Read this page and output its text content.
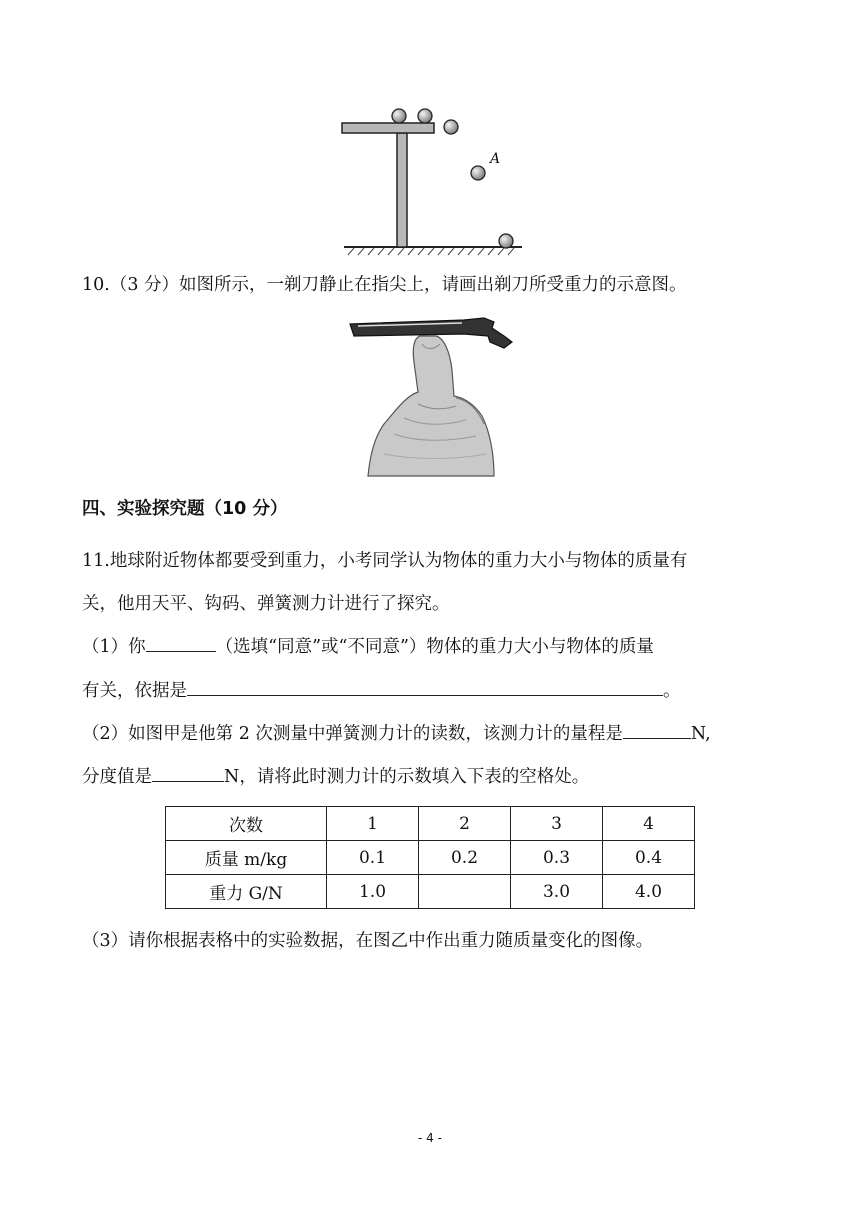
A
10.（3 分）如图所示，一剃刀静止在指尖上，请画出剃刀所受重力的示意图。
四、实验探究题（10 分）
11.地球附近物体都要受到重力，小考同学认为物体的重力大小与物体的质量有
关，他用天平、钩码、弹簧测力计进行了探究。
（1）你	（选填“同意”或“不同意”）物体的重力大小与物体的质量
有关，依据是	。
（2）如图甲是他第 2 次测量中弹簧测力计的读数，该测力计的量程是	N,
分度值是	N，请将此时测力计的示数填入下表的空格处。
次数	1	2	3	4
质量 m/kg	0.1	0.2	0.3	0.4
重力 G/N	1.0		3.0	4.0
（3）请你根据表格中的实验数据，在图乙中作出重力随质量变化的图像。
- 4 -
